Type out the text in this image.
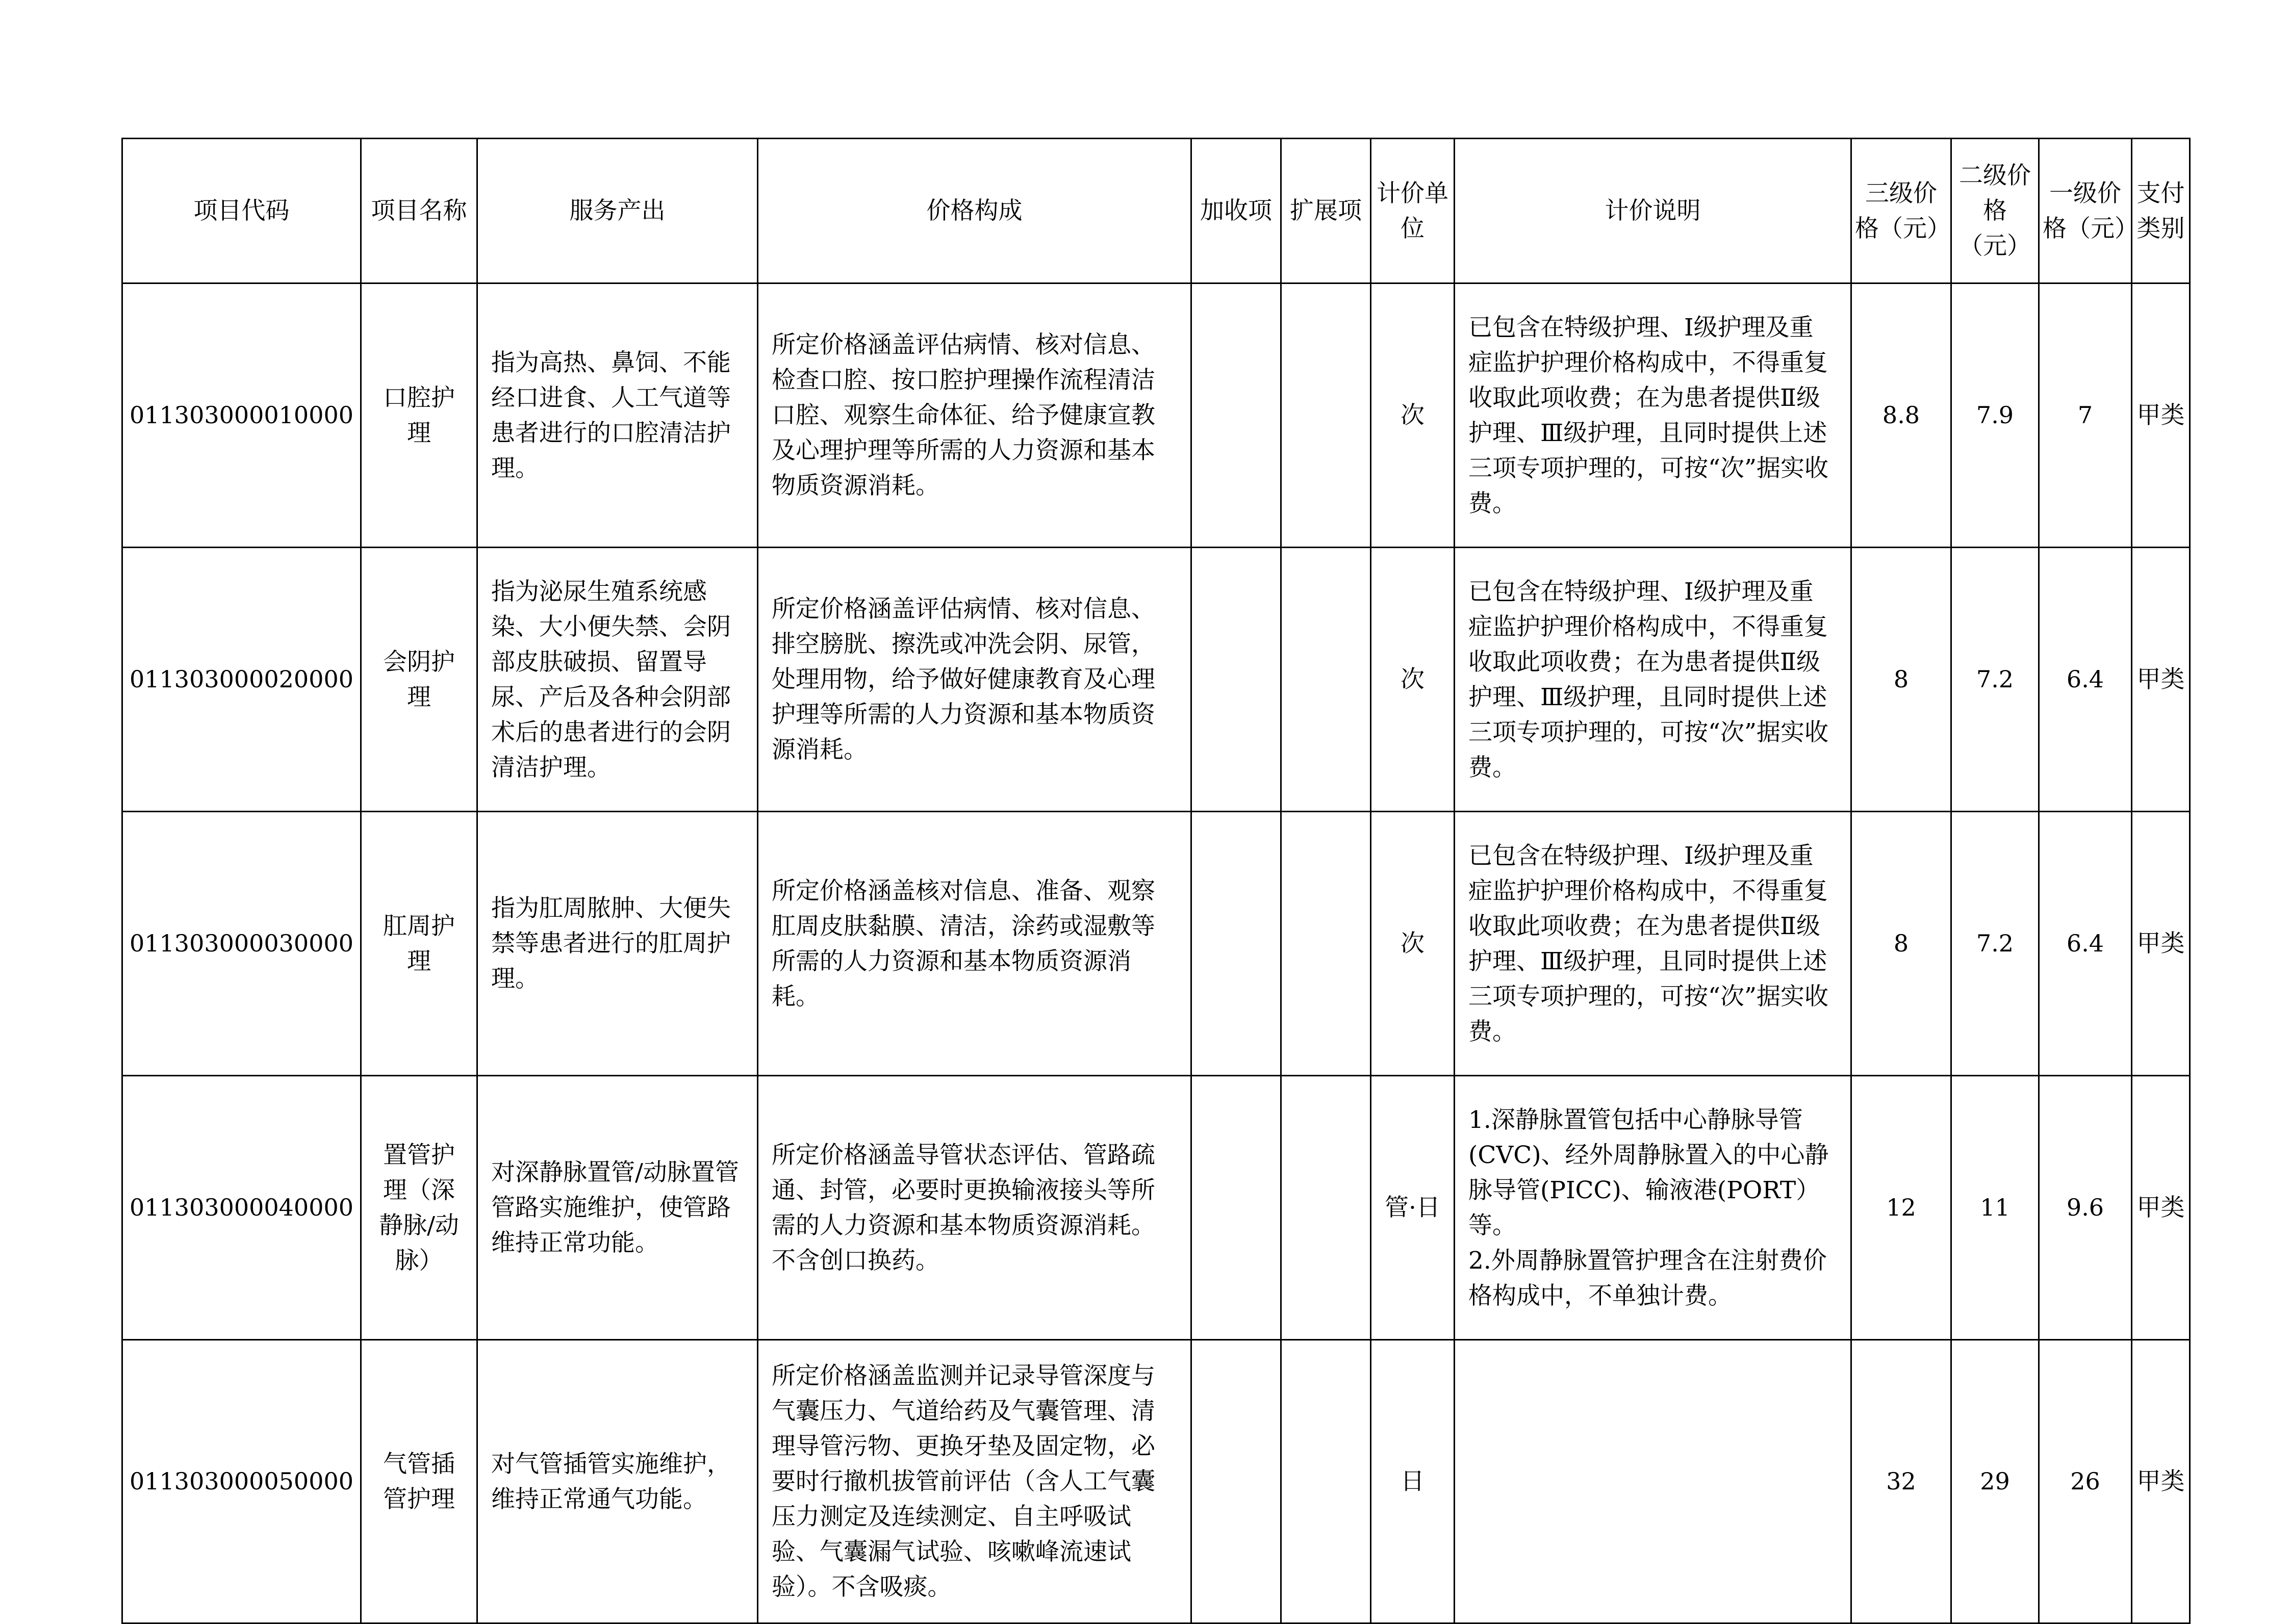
项目代码	项目名称	服务产出	价格构成	加收项	扩展项	计价单位	计价说明	三级价格（元）	二级价格（元）	一级价格（元）	支付类别
011303000010000	口腔护理	指为高热、鼻饲、不能经口进食、人工气道等患者进行的口腔清洁护理。	所定价格涵盖评估病情、核对信息、检查口腔、按口腔护理操作流程清洁口腔、观察生命体征、给予健康宣教及心理护理等所需的人力资源和基本物质资源消耗。			次	已包含在特级护理、Ⅰ级护理及重症监护护理价格构成中，不得重复收取此项收费；在为患者提供Ⅱ级护理、Ⅲ级护理，且同时提供上述三项专项护理的，可按“次”据实收费。	8.8	7.9	7	甲类
011303000020000	会阴护理	指为泌尿生殖系统感染、大小便失禁、会阴部皮肤破损、留置导尿、产后及各种会阴部术后的患者进行的会阴清洁护理。	所定价格涵盖评估病情、核对信息、排空膀胱、擦洗或冲洗会阴、尿管，处理用物，给予做好健康教育及心理护理等所需的人力资源和基本物质资源消耗。			次	已包含在特级护理、Ⅰ级护理及重症监护护理价格构成中，不得重复收取此项收费；在为患者提供Ⅱ级护理、Ⅲ级护理，且同时提供上述三项专项护理的，可按“次”据实收费。	8	7.2	6.4	甲类
011303000030000	肛周护理	指为肛周脓肿、大便失禁等患者进行的肛周护理。	所定价格涵盖核对信息、准备、观察肛周皮肤黏膜、清洁，涂药或湿敷等所需的人力资源和基本物质资源消耗。			次	已包含在特级护理、Ⅰ级护理及重症监护护理价格构成中，不得重复收取此项收费；在为患者提供Ⅱ级护理、Ⅲ级护理，且同时提供上述三项专项护理的，可按“次”据实收费。	8	7.2	6.4	甲类
011303000040000	置管护理（深静脉/动脉）	对深静脉置管/动脉置管管路实施维护，使管路维持正常功能。	所定价格涵盖导管状态评估、管路疏通、封管，必要时更换输液接头等所需的人力资源和基本物质资源消耗。不含创口换药。			管·日	1.深静脉置管包括中心静脉导管(CVC)、经外周静脉置入的中心静脉导管(PICC)、输液港(PORT）等。
2.外周静脉置管护理含在注射费价格构成中，不单独计费。	12	11	9.6	甲类
011303000050000	气管插管护理	对气管插管实施维护，维持正常通气功能。	所定价格涵盖监测并记录导管深度与气囊压力、气道给药及气囊管理、清理导管污物、更换牙垫及固定物，必要时行撤机拔管前评估（含人工气囊压力测定及连续测定、自主呼吸试验、气囊漏气试验、咳嗽峰流速试验）。不含吸痰。			日		32	29	26	甲类
